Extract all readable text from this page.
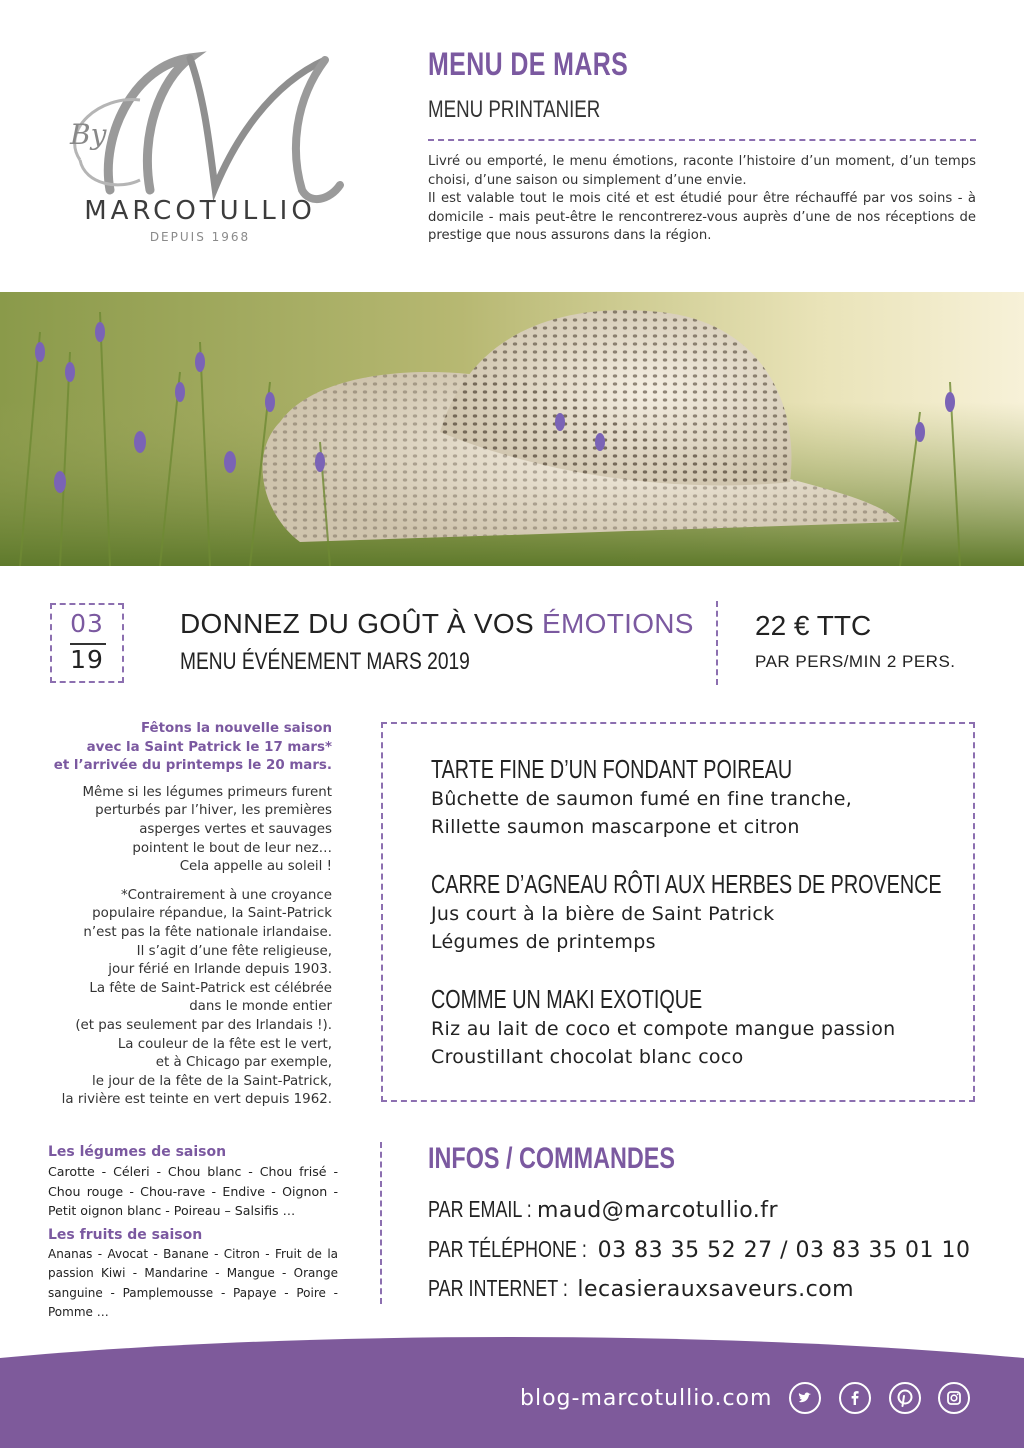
By
MARCOTULLIO
DEPUIS 1968
MENU DE MARS
MENU PRINTANIER

Livré ou emporté, le menu émotions, raconte l’histoire d’un moment, d’un temps choisi, d’une saison ou simplement d’une envie.

Il est valable tout le mois cité et est étudié pour être réchauffé par vos soins - à domicile - mais peut-être le rencontrerez-vous auprès d’une de nos réceptions de prestige que nous assurons dans la région.

03
19
DONNEZ DU GOÛT À VOS ÉMOTIONS
MENU ÉVÉNEMENT MARS 2019
22 € TTC
PAR PERS/MIN 2 PERS.
Fêtons la nouvelle saison
avec la Saint Patrick le 17 mars*
et l’arrivée du printemps le 20 mars.

Même si les légumes primeurs furent
perturbés par l’hiver, les premières
asperges vertes et sauvages
pointent le bout de leur nez…
Cela appelle au soleil !

*Contrairement à une croyance
populaire répandue, la Saint-Patrick
n’est pas la fête nationale irlandaise.
Il s’agit d’une fête religieuse,
jour férié en Irlande depuis 1903.
La fête de Saint-Patrick est célébrée
dans le monde entier
(et pas seulement par des Irlandais !).
La couleur de la fête est le vert,
et à Chicago par exemple,
le jour de la fête de la Saint-Patrick,
la rivière est teinte en vert depuis 1962.

TARTE FINE D’UN FONDANT POIREAU
Bûchette de saumon fumé en fine tranche,
Rillette saumon mascarpone et citron
CARRE D’AGNEAU RÔTI AUX HERBES DE PROVENCE
Jus court à la bière de Saint Patrick
Légumes de printemps
COMME UN MAKI EXOTIQUE
Riz au lait de coco et compote mangue passion
Croustillant chocolat blanc coco
Les légumes de saison
Carotte - Céleri - Chou blanc - Chou frisé - Chou rouge - Chou-rave - Endive - Oignon - Petit oignon blanc - Poireau – Salsifis …
Les fruits de saison
Ananas - Avocat - Banane - Citron - Fruit de la passion Kiwi - Mandarine - Mangue - Orange sanguine - Pamplemousse - Papaye - Poire - Pomme …
INFOS / COMMANDES
PAR EMAIL :maud@marcotullio.fr
PAR TÉLÉPHONE :03 83 35 52 27 / 03 83 35 01 10
PAR INTERNET :lecasierauxsaveurs.com
blog-marcotullio.com
